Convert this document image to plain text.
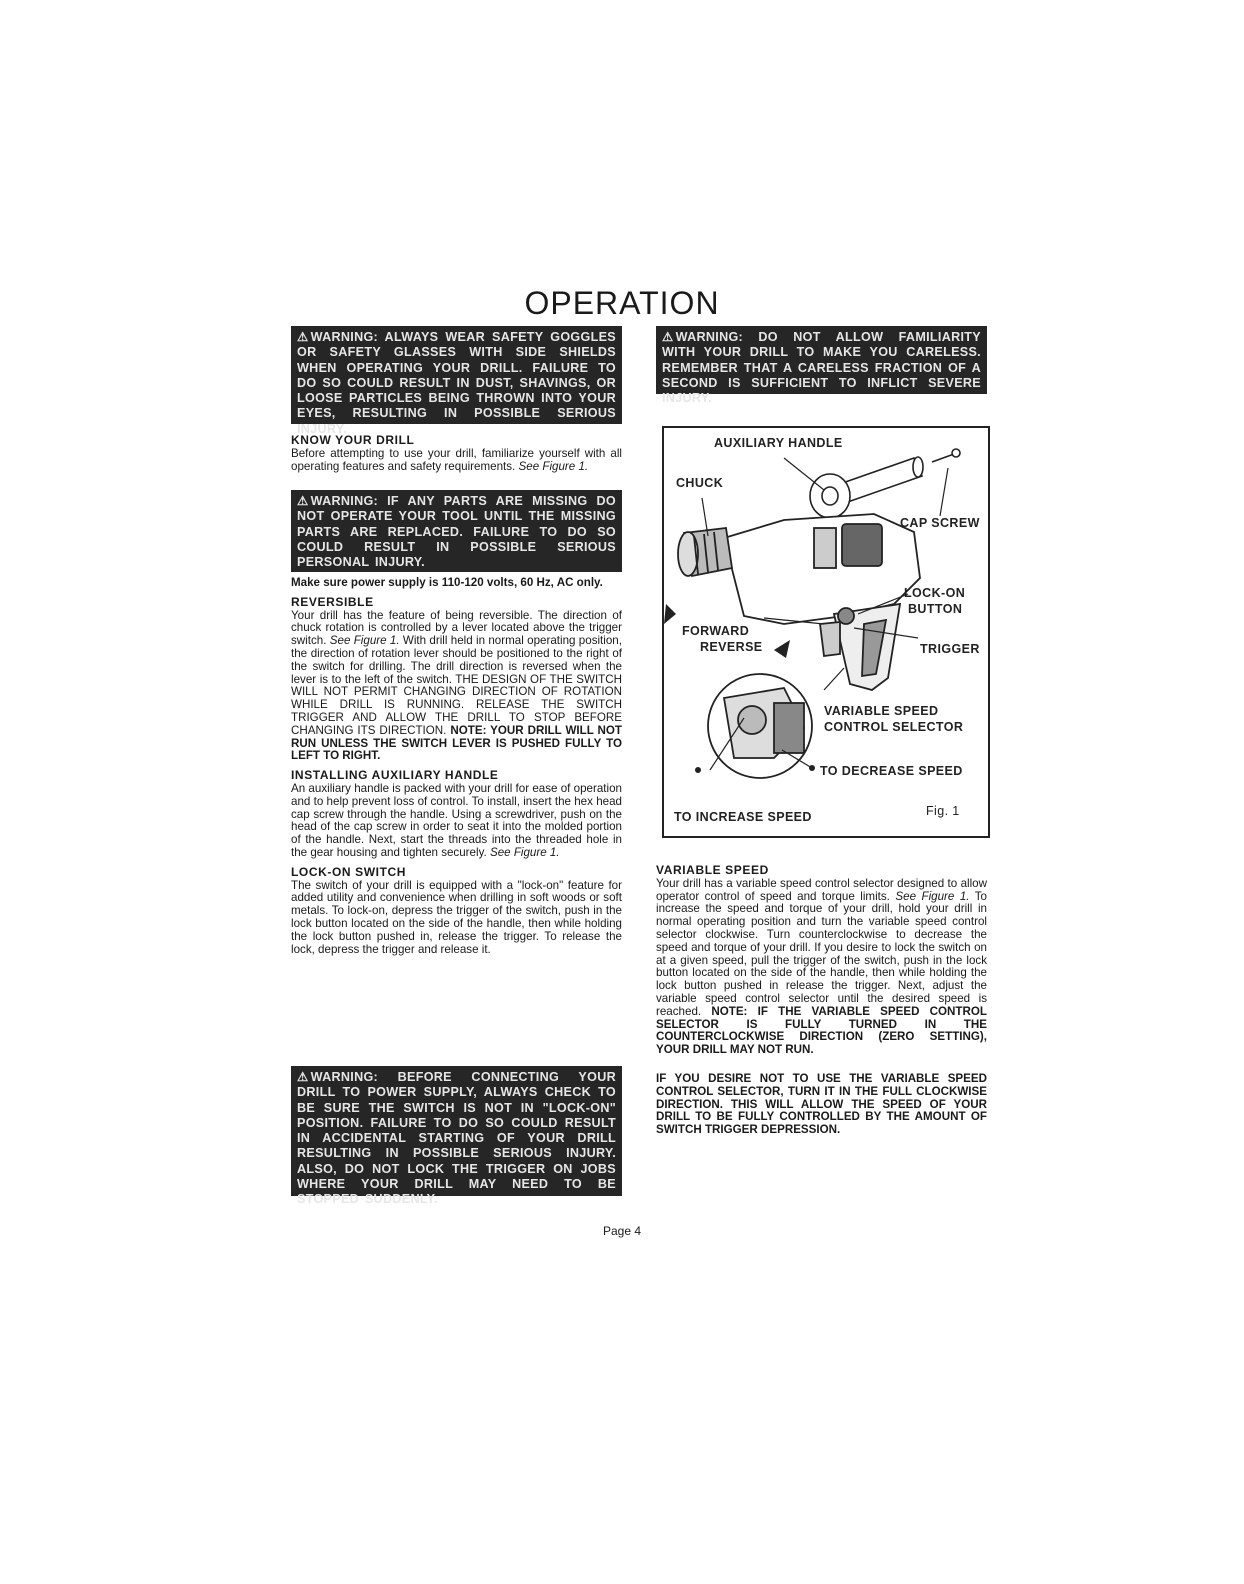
OPERATION
⚠ WARNING: ALWAYS WEAR SAFETY GOGGLES OR SAFETY GLASSES WITH SIDE SHIELDS WHEN OPERATING YOUR DRILL. FAILURE TO DO SO COULD RESULT IN DUST, SHAVINGS, OR LOOSE PARTICLES BEING THROWN INTO YOUR EYES, RESULTING IN POSSIBLE SERIOUS INJURY.
KNOW YOUR DRILL
Before attempting to use your drill, familiarize yourself with all operating features and safety requirements. See Figure 1.
⚠ WARNING: IF ANY PARTS ARE MISSING DO NOT OPERATE YOUR TOOL UNTIL THE MISSING PARTS ARE REPLACED. FAILURE TO DO SO COULD RESULT IN POSSIBLE SERIOUS PERSONAL INJURY.
Make sure power supply is 110-120 volts, 60 Hz, AC only.
REVERSIBLE
Your drill has the feature of being reversible. The direction of chuck rotation is controlled by a lever located above the trigger switch. See Figure 1. With drill held in normal operating position, the direction of rotation lever should be positioned to the right of the switch for drilling. The drill direction is reversed when the lever is to the left of the switch. THE DESIGN OF THE SWITCH WILL NOT PERMIT CHANGING DIRECTION OF ROTATION WHILE DRILL IS RUNNING. RELEASE THE SWITCH TRIGGER AND ALLOW THE DRILL TO STOP BEFORE CHANGING ITS DIRECTION. NOTE: YOUR DRILL WILL NOT RUN UNLESS THE SWITCH LEVER IS PUSHED FULLY TO LEFT TO RIGHT.
INSTALLING AUXILIARY HANDLE
An auxiliary handle is packed with your drill for ease of operation and to help prevent loss of control. To install, insert the hex head cap screw through the handle. Using a screwdriver, push on the head of the cap screw in order to seat it into the molded portion of the handle. Next, start the threads into the threaded hole in the gear housing and tighten securely. See Figure 1.
LOCK-ON SWITCH
The switch of your drill is equipped with a "lock-on" feature for added utility and convenience when drilling in soft woods or soft metals. To lock-on, depress the trigger of the switch, push in the lock button located on the side of the handle, then while holding the lock button pushed in, release the trigger. To release the lock, depress the trigger and release it.
⚠ WARNING: BEFORE CONNECTING YOUR DRILL TO POWER SUPPLY, ALWAYS CHECK TO BE SURE THE SWITCH IS NOT IN "LOCK-ON" POSITION. FAILURE TO DO SO COULD RESULT IN ACCIDENTAL STARTING OF YOUR DRILL RESULTING IN POSSIBLE SERIOUS INJURY. ALSO, DO NOT LOCK THE TRIGGER ON JOBS WHERE YOUR DRILL MAY NEED TO BE STOPPED SUDDENLY.
⚠ WARNING: DO NOT ALLOW FAMILIARITY WITH YOUR DRILL TO MAKE YOU CARELESS. REMEMBER THAT A CARELESS FRACTION OF A SECOND IS SUFFICIENT TO INFLICT SEVERE INJURY.
AUXILIARY HANDLE
CHUCK
CAP SCREW
LOCK-ON
BUTTON
FORWARD
REVERSE	TRIGGER
VARIABLE SPEED
CONTROL SELECTOR
TO DECREASE SPEED
TO INCREASE SPEED	Fig. 1
VARIABLE SPEED
Your drill has a variable speed control selector designed to allow operator control of speed and torque limits. See Figure 1. To increase the speed and torque of your drill, hold your drill in normal operating position and turn the variable speed control selector clockwise. Turn counterclockwise to decrease the speed and torque of your drill. If you desire to lock the switch on at a given speed, pull the trigger of the switch, push in the lock button located on the side of the handle, then while holding the lock button pushed in release the trigger. Next, adjust the variable speed control selector until the desired speed is reached. NOTE: IF THE VARIABLE SPEED CONTROL SELECTOR IS FULLY TURNED IN THE COUNTERCLOCKWISE DIRECTION (ZERO SETTING), YOUR DRILL MAY NOT RUN.
IF YOU DESIRE NOT TO USE THE VARIABLE SPEED CONTROL SELECTOR, TURN IT IN THE FULL CLOCKWISE DIRECTION. THIS WILL ALLOW THE SPEED OF YOUR DRILL TO BE FULLY CONTROLLED BY THE AMOUNT OF SWITCH TRIGGER DEPRESSION.
Page 4
